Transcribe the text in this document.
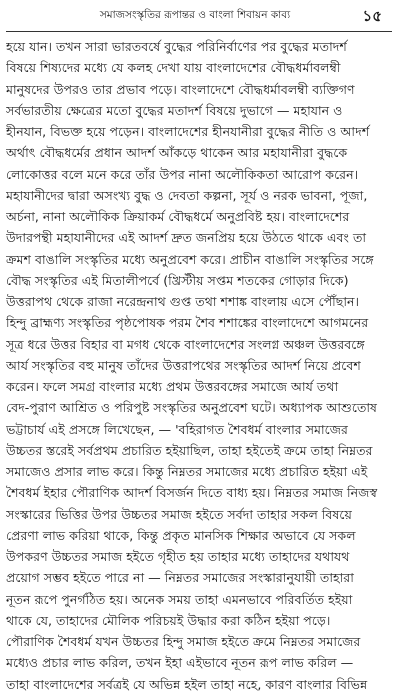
সমাজসংস্কৃতির রূপান্তর ও বাংলা শিবায়ন কাব্য	১৫
হয়ে যান। তখন সারা ভারতবর্ষে বুদ্ধের পরিনির্বাণের পর বুদ্ধের মতাদর্শ
বিষয়ে শিষ্যদের মধ্যে যে কলহ দেখা যায় বাংলাদেশের বৌদ্ধধর্মাবলম্বী
মানুষদের উপরও তার প্রভাব পড়ে। বাংলাদেশে বৌদ্ধধর্মাবলম্বী ব্যক্তিগণ
সর্বভারতীয় ক্ষেত্রের মতো বুদ্ধের মতাদর্শ বিষয়ে দুভাগে — মহাযান ও
হীনযান, বিভক্ত হয়ে পড়েন। বাংলাদেশের হীনযানীরা বুদ্ধের নীতি ও আদর্শ
অর্থাৎ বৌদ্ধধর্মের প্রধান আদর্শ আঁকড়ে থাকেন আর মহাযানীরা বুদ্ধকে
লোকোত্তর বলে মনে করে তাঁর উপর নানা অলৌকিকতা আরোপ করেন।
মহাযানীদের দ্বারা অসংখ্য বুদ্ধ ও দেবতা কল্পনা, সূর্য ও নরক ভাবনা, পূজা,
অর্চনা, নানা অলৌকিক ক্রিয়াকর্ম বৌদ্ধধর্মে অনুপ্রবিষ্ট হয়। বাংলাদেশের
উদারপন্থী মহাযানীদের এই আদর্শ দ্রুত জনপ্রিয় হয়ে উঠতে থাকে এবং তা
ক্রমশ বাঙালি সংস্কৃতির মধ্যে অনুপ্রবেশ করে। প্রাচীন বাঙালি সংস্কৃতির সঙ্গে
বৌদ্ধ সংস্কৃতির এই মিতালীপর্বে (খ্রিস্টীয় সপ্তম শতকের গোড়ার দিকে)
উত্তরাপথ থেকে রাজা নরেন্দ্রনাথ গুপ্ত তথা শশাঙ্ক বাংলায় এসে পৌঁছান।
হিন্দু ব্রাহ্মণ্য সংস্কৃতির পৃষ্ঠপোষক পরম শৈব শশাঙ্কের বাংলাদেশে আগমনের
সূত্র ধরে উত্তর বিহার বা মগধ থেকে বাংলাদেশের সংলগ্ন অঞ্চল উত্তরবঙ্গে
আর্য সংস্কৃতির বহু মানুষ তাঁদের উত্তরাপথের সংস্কৃতির আদর্শ নিয়ে প্রবেশ
করেন। ফলে সমগ্র বাংলার মধ্যে প্রথম উত্তরবঙ্গের সমাজে আর্য তথা
বেদ-পুরাণ আশ্রিত ও পরিপুষ্ট সংস্কৃতির অনুপ্রবেশ ঘটে। অধ্যাপক আশুতোষ
ভট্টাচার্য এই প্রসঙ্গে লিখেছেন, — 'বহিরাগত শৈবধর্ম বাংলার সমাজের
উচ্চতর স্তরেই সর্বপ্রথম প্রচারিত হইয়াছিল, তাহা হইতেই ক্রমে তাহা নিম্নতর
সমাজেও প্রসার লাভ করে। কিন্তু নিম্নতর সমাজের মধ্যে প্রচারিত হইয়া এই
শৈবধর্ম ইহার পৌরাণিক আদর্শ বিসর্জন দিতে বাধ্য হয়। নিম্নতর সমাজ নিজস্ব
সংস্কারের ভিত্তির উপর উচ্চতর সমাজ হইতে সর্বদা তাহার সকল বিষয়ে
প্রেরণা লাভ করিয়া থাকে, কিন্তু প্রকৃত মানসিক শিক্ষার অভাবে যে সকল
উপকরণ উচ্চতর সমাজ হইতে গৃহীত হয় তাহার মধ্যে তাহাদের যথাযথ
প্রয়োগ সম্ভব হইতে পারে না — নিম্নতর সমাজের সংস্কারানুযায়ী তাহারা
নূতন রূপে পুনর্গঠিত হয়। অনেক সময় তাহা এমনভাবে পরিবর্তিত হইয়া
থাকে যে, তাহাদের মৌলিক পরিচয়ই উদ্ধার করা কঠিন হইয়া পড়ে।
পৌরাণিক শৈবধর্ম যখন উচ্চতর হিন্দু সমাজ হইতে ক্রমে নিম্নতর সমাজের
মধ্যেও প্রচার লাভ করিল, তখন ইহা এইভাবে নূতন রূপ লাভ করিল —
তাহা বাংলাদেশের সর্বত্রই যে অভিন্ন হইল তাহা নহে, কারণ বাংলার বিভিন্ন
